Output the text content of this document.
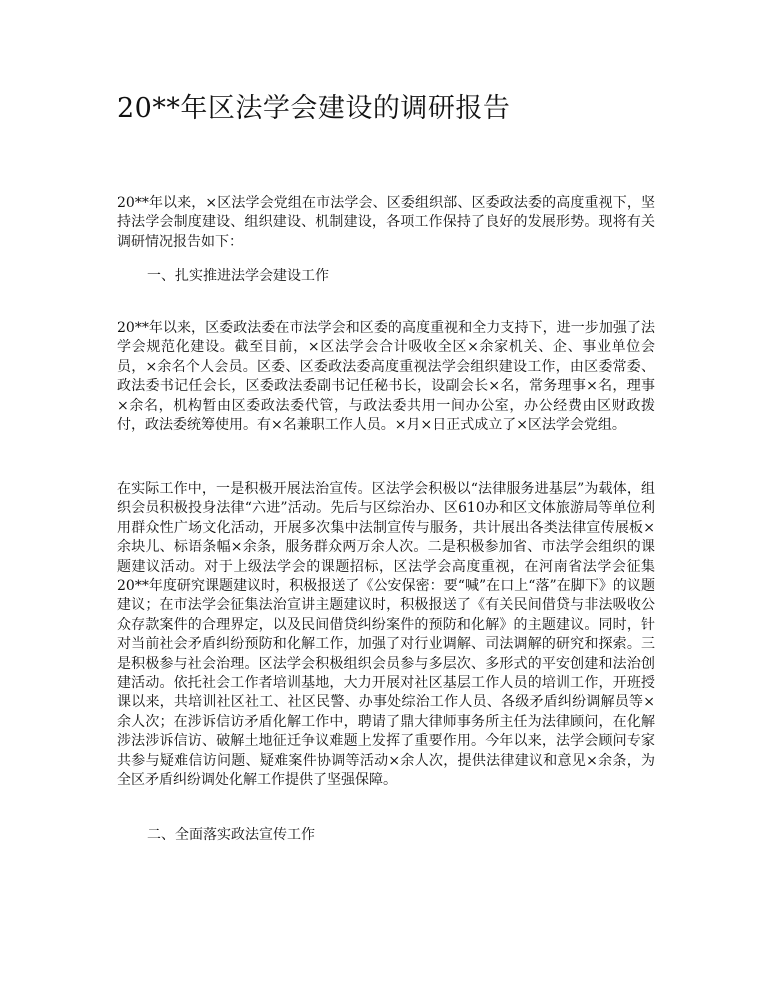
20**年区法学会建设的调研报告

20**年以来，×区法学会党组在市法学会、区委组织部、区委政法委的高度重视下，坚持法学会制度建设、组织建设、机制建设，各项工作保持了良好的发展形势。现将有关调研情况报告如下：

一、扎实推进法学会建设工作

20**年以来，区委政法委在市法学会和区委的高度重视和全力支持下，进一步加强了法学会规范化建设。截至目前，×区法学会合计吸收全区×余家机关、企、事业单位会员，×余名个人会员。区委、区委政法委高度重视法学会组织建设工作，由区委常委、政法委书记任会长，区委政法委副书记任秘书长，设副会长×名，常务理事×名，理事×余名，机构暂由区委政法委代管，与政法委共用一间办公室，办公经费由区财政拨付，政法委统筹使用。有×名兼职工作人员。×月×日正式成立了×区法学会党组。

在实际工作中，一是积极开展法治宣传。区法学会积极以“法律服务进基层”为载体，组织会员积极投身法律“六进”活动。先后与区综治办、区610办和区文体旅游局等单位利用群众性广场文化活动，开展多次集中法制宣传与服务，共计展出各类法律宣传展板×余块儿、标语条幅×余条，服务群众两万余人次。二是积极参加省、市法学会组织的课题建议活动。对于上级法学会的课题招标，区法学会高度重视，在河南省法学会征集20**年度研究课题建议时，积极报送了《公安保密：要“喊”在口上“落”在脚下》的议题建议；在市法学会征集法治宣讲主题建议时，积极报送了《有关民间借贷与非法吸收公众存款案件的合理界定，以及民间借贷纠纷案件的预防和化解》的主题建议。同时，针对当前社会矛盾纠纷预防和化解工作，加强了对行业调解、司法调解的研究和探索。三是积极参与社会治理。区法学会积极组织会员参与多层次、多形式的平安创建和法治创建活动。依托社会工作者培训基地，大力开展对社区基层工作人员的培训工作，开班授课以来，共培训社区社工、社区民警、办事处综治工作人员、各级矛盾纠纷调解员等×余人次；在涉诉信访矛盾化解工作中，聘请了鼎大律师事务所主任为法律顾问，在化解涉法涉诉信访、破解土地征迁争议难题上发挥了重要作用。今年以来，法学会顾问专家共参与疑难信访问题、疑难案件协调等活动×余人次，提供法律建议和意见×余条，为全区矛盾纠纷调处化解工作提供了坚强保障。

二、全面落实政法宣传工作
